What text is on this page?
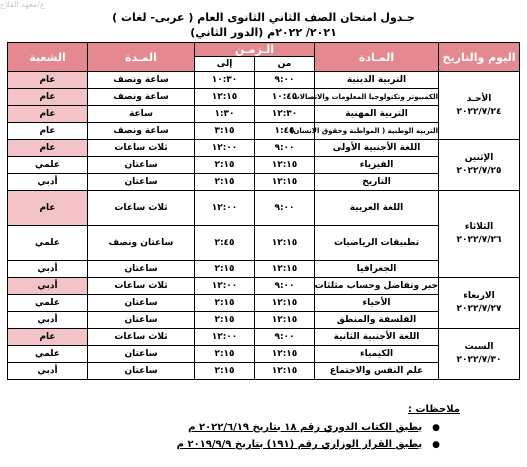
ع/معهد الفلاح
جـدول امتحان الصف الثاني الثانوى العام ( عربى- لغات )
(الدور الثاني) ٢٠٢١/ ٢٠٢٢م
اليوم والتاريخ	المـادة	الـزمـن		المـدة	الشعبة
		من	إلى		

الأحـد
٢٠٢٢/٧/٢٤	التربية الدينية	٩:٠٠	١٠:٣٠	ساعة ونصف	عام
	الكمبيوتر وتكنولوجيا المعلومات والاتصالات	١٠:٤٥	١٢:١٥	ساعة ونصف	عام
	التربية المهنية	١٢:٣٠	١:٣٠	ساعة	عام
	التربية الوطنية ( المواطنة وحقوق الانسان)	١:٤٥	٣:١٥	ساعة ونصف	عام

الإثنين
٢٠٢٢/٧/٢٥	اللغة الأجنبية الأولى	٩:٠٠	١٢:٠٠	ثلاث ساعات	عام
	الفيزياء	١٢:١٥	٢:١٥	ساعتان	علمي
	التاريخ	١٢:١٥	٢:١٥	ساعتان	أدبي

الثلاثاء
٢٠٢٢/٧/٢٦	اللغة العربية	٩:٠٠	١٢:٠٠	ثلاث ساعات	عام
	تطبيقات الرياضيات	١٢:١٥	٢:٤٥	ساعتان ونصف	علمي
	الجغرافيا	١٢:١٥	٢:١٥	ساعتان	أدبي

الاربعاء
٢٠٢٢/٧/٢٧	جبر وتفاضل وحساب مثلثات	٩:٠٠	١٢:٠٠	ثلاث ساعات	أدبي
	الأحياء	١٢:١٥	٢:١٥	ساعتان	علمي
	الفلسفة والمنطق	١٢:١٥	٢:١٥	ساعتان	أدبي

السبت
٢٠٢٢/٧/٣٠	اللغة الأجنبية الثانية	٩:٠٠	١٢:٠٠	ثلاث ساعات	عام
	الكيمياء	١٢:١٥	٢:١٥	ساعتان	علمي
	علم النفس والاجتماع	١٢:١٥	٢:١٥	ساعتان	أدبي
ملاحظات :
●يطبق الكتاب الدوري رقم ١٨ بتاريخ ٢٠٢٢/٦/١٩ م
●يطبق القرار الوزاري رقم (١٩١) بتاريخ ٢٠١٩/٩/٩ م
